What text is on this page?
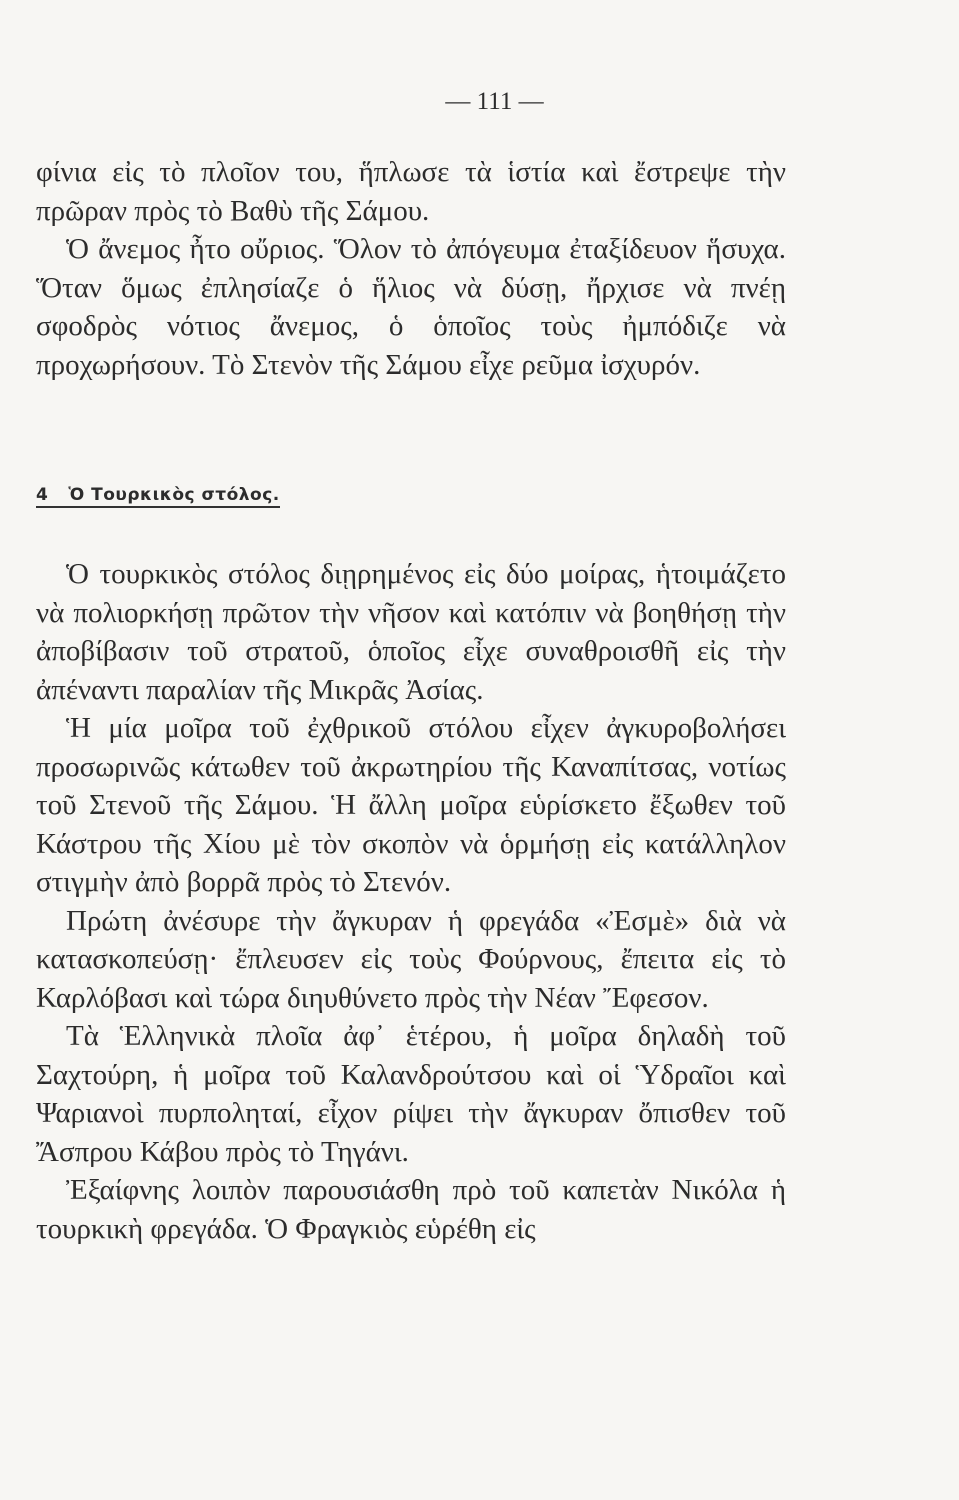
— 111 —

φίνια εἰς τὸ πλοῖον του, ἥπλωσε τὰ ἱστία καὶ ἔστρεψε τὴν πρῶραν πρὸς τὸ Βαθὺ τῆς Σάμου.

Ὁ ἄνεμος ἦτο οὔριος. Ὅλον τὸ ἀπόγευμα ἐταξίδευον ἥσυχα. Ὅταν ὅμως ἐπλησίαζε ὁ ἥλιος νὰ δύσῃ, ἤρχισε νὰ πνέῃ σφοδρὸς νότιος ἄνεμος, ὁ ὁποῖος τοὺς ἠμπόδιζε νὰ προχωρήσουν. Τὸ Στενὸν τῆς Σάμου εἶχε ρεῦμα ἰσχυρόν.

4 Ὁ Τουρκικὸς στόλος.

Ὁ τουρκικὸς στόλος διῃρημένος εἰς δύο μοίρας, ἡτοιμάζετο νὰ πολιορκήσῃ πρῶτον τὴν νῆσον καὶ κατόπιν νὰ βοηθήσῃ τὴν ἀποβίβασιν τοῦ στρατοῦ, ὁποῖος εἶχε συναθροισθῆ εἰς τὴν ἀπέναντι παραλίαν τῆς Μικρᾶς Ἀσίας.

Ἡ μία μοῖρα τοῦ ἐχθρικοῦ στόλου εἶχεν ἀγκυροβολήσει προσωρινῶς κάτωθεν τοῦ ἀκρωτηρίου τῆς Καναπίτσας, νοτίως τοῦ Στενοῦ τῆς Σάμου. Ἡ ἄλλη μοῖρα εὑρίσκετο ἔξωθεν τοῦ Κάστρου τῆς Χίου μὲ τὸν σκοπὸν νὰ ὁρμήσῃ εἰς κατάλληλον στιγμὴν ἀπὸ βορρᾶ πρὸς τὸ Στενόν.

Πρώτη ἀνέσυρε τὴν ἄγκυραν ἡ φρεγάδα «Ἐσμὲ» διὰ νὰ κατασκοπεύσῃ· ἔπλευσεν εἰς τοὺς Φούρνους, ἔπειτα εἰς τὸ Καρλόβασι καὶ τώρα διηυθύνετο πρὸς τὴν Νέαν Ἔφεσον.

Τὰ Ἑλληνικὰ πλοῖα ἀφ᾽ ἑτέρου, ἡ μοῖρα δηλαδὴ τοῦ Σαχτούρη, ἡ μοῖρα τοῦ Καλανδρούτσου καὶ οἱ Ὑδραῖοι καὶ Ψαριανοὶ πυρποληταί, εἶχον ρίψει τὴν ἄγκυραν ὄπισθεν τοῦ Ἄσπρου Κάβου πρὸς τὸ Τηγάνι.

Ἐξαίφνης λοιπὸν παρουσιάσθη πρὸ τοῦ καπετὰν Νικόλα ἡ τουρκικὴ φρεγάδα. Ὁ Φραγκιὸς εὑρέθη εἰς
